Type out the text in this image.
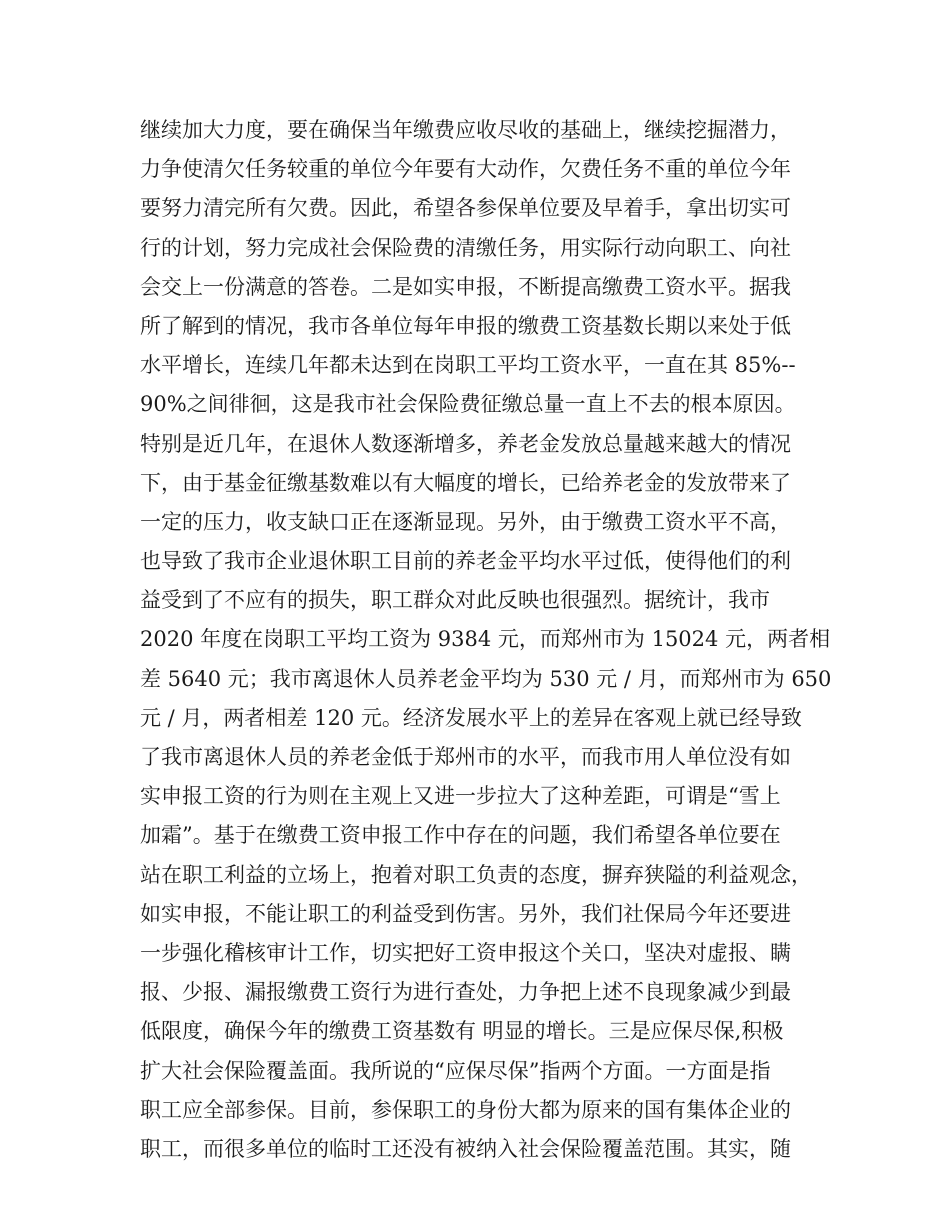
继续加大力度，要在确保当年缴费应收尽收的基础上，继续挖掘潜力，
力争使清欠任务较重的单位今年要有大动作，欠费任务不重的单位今年
要努力清完所有欠费。因此，希望各参保单位要及早着手，拿出切实可
行的计划，努力完成社会保险费的清缴任务，用实际行动向职工、向社
会交上一份满意的答卷。二是如实申报，不断提高缴费工资水平。据我
所了解到的情况，我市各单位每年申报的缴费工资基数长期以来处于低
水平增长，连续几年都未达到在岗职工平均工资水平，一直在其 85%--
90%之间徘徊，这是我市社会保险费征缴总量一直上不去的根本原因。
特别是近几年，在退休人数逐渐增多，养老金发放总量越来越大的情况
下，由于基金征缴基数难以有大幅度的增长，已给养老金的发放带来了
一定的压力，收支缺口正在逐渐显现。另外，由于缴费工资水平不高，
也导致了我市企业退休职工目前的养老金平均水平过低，使得他们的利
益受到了不应有的损失，职工群众对此反映也很强烈。据统计，我市
2020 年度在岗职工平均工资为 9384 元，而郑州市为 15024 元，两者相
差 5640 元；我市离退休人员养老金平均为 530 元 / 月，而郑州市为 650
元 / 月，两者相差 120 元。经济发展水平上的差异在客观上就已经导致
了我市离退休人员的养老金低于郑州市的水平，而我市用人单位没有如
实申报工资的行为则在主观上又进一步拉大了这种差距，可谓是“雪上
加霜”。基于在缴费工资申报工作中存在的问题，我们希望各单位要在
站在职工利益的立场上，抱着对职工负责的态度，摒弃狭隘的利益观念，
如实申报，不能让职工的利益受到伤害。另外，我们社保局今年还要进
一步强化稽核审计工作，切实把好工资申报这个关口，坚决对虚报、瞒
报、少报、漏报缴费工资行为进行查处，力争把上述不良现象减少到最
低限度，确保今年的缴费工资基数有 明显的增长。三是应保尽保,积极
扩大社会保险覆盖面。我所说的“应保尽保”指两个方面。一方面是指
职工应全部参保。目前，参保职工的身份大都为原来的国有集体企业的
职工，而很多单位的临时工还没有被纳入社会保险覆盖范围。其实，随
